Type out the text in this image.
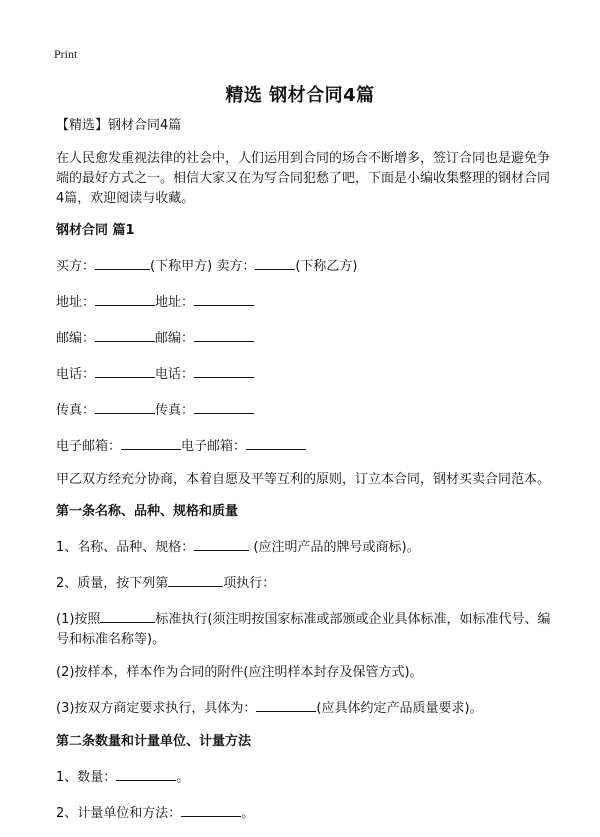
Print
精选 钢材合同4篇

【精选】钢材合同4篇

在人民愈发重视法律的社会中，人们运用到合同的场合不断增多，签订合同也是避免争端的最好方式之一。相信大家又在为写合同犯愁了吧，下面是小编收集整理的钢材合同4篇，欢迎阅读与收藏。

钢材合同 篇1

买方：	(下称甲方) 卖方：	(下称乙方)

地址：	地址：

邮编：	邮编：

电话：	电话：

传真：	传真：

电子邮箱：	电子邮箱：

甲乙双方经充分协商，本着自愿及平等互利的原则，订立本合同，钢材买卖合同范本。

第一条名称、品种、规格和质量

1、名称、品种、规格：	(应注明产品的牌号或商标)。

2、质量，按下列第	项执行：

(1)按照	标准执行(须注明按国家标准或部颁或企业具体标准，如标准代号、编号和标准名称等)。

(2)按样本，样本作为合同的附件(应注明样本封存及保管方式)。

(3)按双方商定要求执行，具体为：	(应具体约定产品质量要求)。

第二条数量和计量单位、计量方法

1、数量：	。

2、计量单位和方法：	。
